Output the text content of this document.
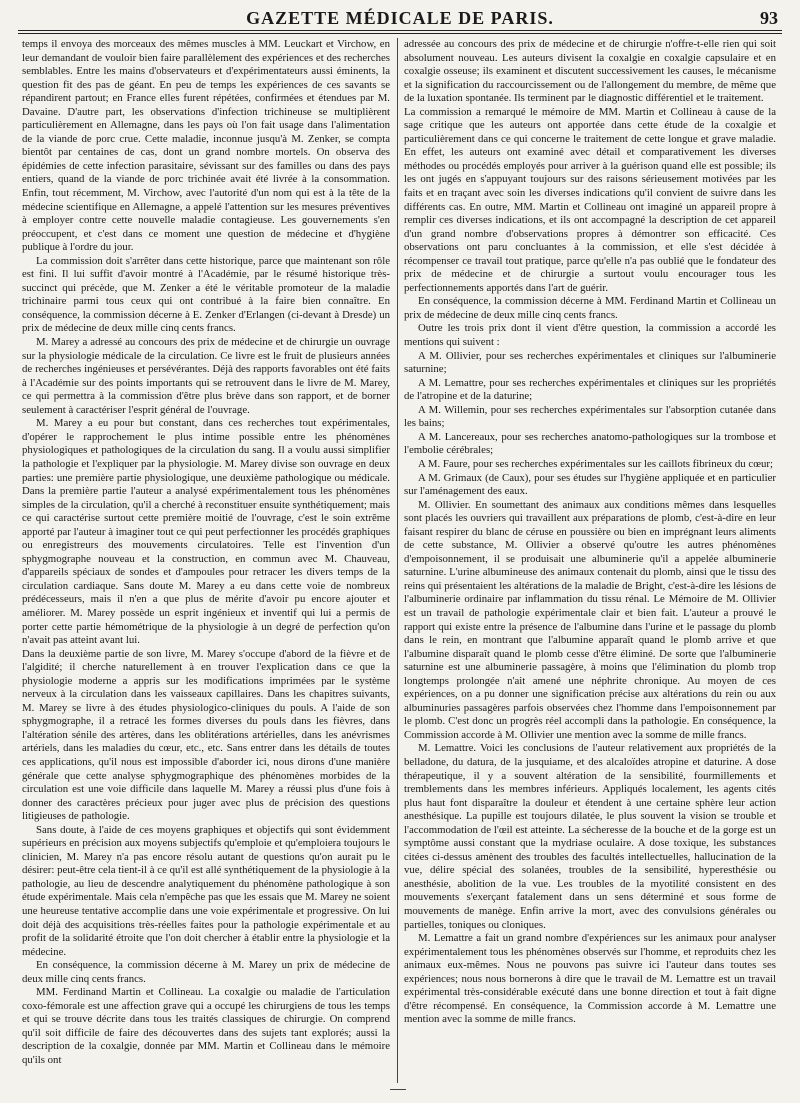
GAZETTE MÉDICALE DE PARIS.	93

temps il envoya des morceaux des mêmes muscles à MM. Leuckart et Virchow, en leur demandant de vouloir bien faire parallèlement des expériences et des recherches semblables. Entre les mains d'observateurs et d'expérimentateurs aussi éminents, la question fit des pas de géant. En peu de temps les expériences de ces savants se répandirent partout; en France elles furent répétées, confirmées et étendues par M. Davaine. D'autre part, les observations d'infection trichineuse se multiplièrent particulièrement en Allemagne, dans les pays où l'on fait usage dans l'alimentation de la viande de porc crue. Cette maladie, inconnue jusqu'à M. Zenker, se compta bientôt par centaines de cas, dont un grand nombre mortels. On observa des épidémies de cette infection parasitaire, sévissant sur des familles ou dans des pays entiers, quand de la viande de porc trichinée avait été livrée à la consommation. Enfin, tout récemment, M. Virchow, avec l'autorité d'un nom qui est à la tête de la médecine scientifique en Allemagne, a appelé l'attention sur les mesures préventives à employer contre cette nouvelle maladie contagieuse. Les gouvernements s'en préoccupent, et c'est dans ce moment une question de médecine et d'hygiène publique à l'ordre du jour.

La commission doit s'arrêter dans cette historique, parce que maintenant son rôle est fini. Il lui suffit d'avoir montré à l'Académie, par le résumé historique très-succinct qui précède, que M. Zenker a été le véritable promoteur de la maladie trichinaire parmi tous ceux qui ont contribué à la faire bien connaître. En conséquence, la commission décerne à E. Zenker d'Erlangen (ci-devant à Dresde) un prix de médecine de deux mille cinq cents francs.

M. Marey a adressé au concours des prix de médecine et de chirurgie un ouvrage sur la physiologie médicale de la circulation. Ce livre est le fruit de plusieurs années de recherches ingénieuses et persévérantes. Déjà des rapports favorables ont été faits à l'Académie sur des points importants qui se retrouvent dans le livre de M. Marey, ce qui permettra à la commission d'être plus brève dans son rapport, et de borner seulement à caractériser l'esprit général de l'ouvrage.

M. Marey a eu pour but constant, dans ces recherches tout expérimentales, d'opérer le rapprochement le plus intime possible entre les phénomènes physiologiques et pathologiques de la circulation du sang. Il a voulu aussi simplifier la pathologie et l'expliquer par la physiologie. M. Marey divise son ouvrage en deux parties: une première partie physiologique, une deuxième pathologique ou médicale. Dans la première partie l'auteur a analysé expérimentalement tous les phénomènes simples de la circulation, qu'il a cherché à reconstituer ensuite synthétiquement; mais ce qui caractérise surtout cette première moitié de l'ouvrage, c'est le soin extrême apporté par l'auteur à imaginer tout ce qui peut perfectionner les procédés graphiques ou enregistreurs des mouvements circulatoires. Telle est l'invention d'un sphygmographe nouveau et la construction, en commun avec M. Chauveau, d'appareils spéciaux de sondes et d'ampoules pour retracer les divers temps de la circulation cardiaque. Sans doute M. Marey a eu dans cette voie de nombreux prédécesseurs, mais il n'en a que plus de mérite d'avoir pu encore ajouter et améliorer. M. Marey possède un esprit ingénieux et inventif qui lui a permis de porter cette partie hémométrique de la physiologie à un degré de perfection qu'on n'avait pas atteint avant lui.

Dans la deuxième partie de son livre, M. Marey s'occupe d'abord de la fièvre et de l'algidité; il cherche naturellement à en trouver l'explication dans ce que la physiologie moderne a appris sur les modifications imprimées par le système nerveux à la circulation dans les vaisseaux capillaires. Dans les chapitres suivants, M. Marey se livre à des études physiologico-cliniques du pouls. A l'aide de son sphygmographe, il a retracé les formes diverses du pouls dans les fièvres, dans l'altération sénile des artères, dans les oblitérations artérielles, dans les anévrismes artériels, dans les maladies du cœur, etc., etc. Sans entrer dans les détails de toutes ces applications, qu'il nous est impossible d'aborder ici, nous dirons d'une manière générale que cette analyse sphygmographique des phénomènes morbides de la circulation est une voie difficile dans laquelle M. Marey a réussi plus d'une fois à donner des caractères précieux pour juger avec plus de précision des questions litigieuses de pathologie.

Sans doute, à l'aide de ces moyens graphiques et objectifs qui sont évidemment supérieurs en précision aux moyens subjectifs qu'emploie et qu'emploiera toujours le clinicien, M. Marey n'a pas encore résolu autant de questions qu'on aurait pu le désirer: peut-être cela tient-il à ce qu'il est allé synthétiquement de la physiologie à la pathologie, au lieu de descendre analytiquement du phénomène pathologique à son étude expérimentale. Mais cela n'empêche pas que les essais que M. Marey ne soient une heureuse tentative accomplie dans une voie expérimentale et progressive. On lui doit déjà des acquisitions très-réelles faites pour la pathologie expérimentale et au profit de la solidarité étroite que l'on doit chercher à établir entre la physiologie et la médecine.

En conséquence, la commission décerne à M. Marey un prix de médecine de deux mille cinq cents francs.

MM. Ferdinand Martin et Collineau. La coxalgie ou maladie de l'articulation coxo-fémorale est une affection grave qui a occupé les chirurgiens de tous les temps et qui se trouve décrite dans tous les traités classiques de chirurgie. On comprend qu'il soit difficile de faire des découvertes dans des sujets tant explorés; aussi la description de la coxalgie, donnée par MM. Martin et Collineau dans le mémoire qu'ils ont

adressée au concours des prix de médecine et de chirurgie n'offre-t-elle rien qui soit absolument nouveau. Les auteurs divisent la coxalgie en coxalgie capsulaire et en coxalgie osseuse; ils examinent et discutent successivement les causes, le mécanisme et la signification du raccourcissement ou de l'allongement du membre, de même que de la luxation spontanée. Ils terminent par le diagnostic différentiel et le traitement.

La commission a remarqué le mémoire de MM. Martin et Collineau à cause de la sage critique que les auteurs ont apportée dans cette étude de la coxalgie et particulièrement dans ce qui concerne le traitement de cette longue et grave maladie. En effet, les auteurs ont examiné avec détail et comparativement les diverses méthodes ou procédés employés pour arriver à la guérison quand elle est possible; ils les ont jugés en s'appuyant toujours sur des raisons sérieusement motivées par les faits et en traçant avec soin les diverses indications qu'il convient de suivre dans les différents cas. En outre, MM. Martin et Collineau ont imaginé un appareil propre à remplir ces diverses indications, et ils ont accompagné la description de cet appareil d'un grand nombre d'observations propres à démontrer son efficacité. Ces observations ont paru concluantes à la commission, et elle s'est décidée à récompenser ce travail tout pratique, parce qu'elle n'a pas oublié que le fondateur des prix de médecine et de chirurgie a surtout voulu encourager tous les perfectionnements apportés dans l'art de guérir.

En conséquence, la commission décerne à MM. Ferdinand Martin et Collineau un prix de médecine de deux mille cinq cents francs.

Outre les trois prix dont il vient d'être question, la commission a accordé les mentions qui suivent :

A M. Ollivier, pour ses recherches expérimentales et cliniques sur l'albuminerie saturnine;

A M. Lemattre, pour ses recherches expérimentales et cliniques sur les propriétés de l'atropine et de la daturine;

A M. Willemin, pour ses recherches expérimentales sur l'absorption cutanée dans les bains;

A M. Lancereaux, pour ses recherches anatomo-pathologiques sur la trombose et l'embolie cérébrales;

A M. Faure, pour ses recherches expérimentales sur les caillots fibrineux du cœur;

A M. Grimaux (de Caux), pour ses études sur l'hygiène appliquée et en particulier sur l'aménagement des eaux.

M. Ollivier. En soumettant des animaux aux conditions mêmes dans lesquelles sont placés les ouvriers qui travaillent aux préparations de plomb, c'est-à-dire en leur faisant respirer du blanc de céruse en poussière ou bien en imprégnant leurs aliments de cette substance, M. Ollivier a observé qu'outre les autres phénomènes d'empoisonnement, il se produisait une albuminerie qu'il a appelée albuminerie saturnine. L'urine albumineuse des animaux contenait du plomb, ainsi que le tissu des reins qui présentaient les altérations de la maladie de Bright, c'est-à-dire les lésions de l'albuminerie ordinaire par inflammation du tissu rénal. Le Mémoire de M. Ollivier est un travail de pathologie expérimentale clair et bien fait. L'auteur a prouvé le rapport qui existe entre la présence de l'albumine dans l'urine et le passage du plomb dans le rein, en montrant que l'albumine apparaît quand le plomb arrive et que l'albumine disparaît quand le plomb cesse d'être éliminé. De sorte que l'albuminerie saturnine est une albuminerie passagère, à moins que l'élimination du plomb trop longtemps prolongée n'ait amené une néphrite chronique. Au moyen de ces expériences, on a pu donner une signification précise aux altérations du rein ou aux albuminuries passagères parfois observées chez l'homme dans l'empoisonnement par le plomb. C'est donc un progrès réel accompli dans la pathologie. En conséquence, la Commission accorde à M. Ollivier une mention avec la somme de mille francs.

M. Lemattre. Voici les conclusions de l'auteur relativement aux propriétés de la belladone, du datura, de la jusquiame, et des alcaloïdes atropine et daturine. A dose thérapeutique, il y a souvent altération de la sensibilité, fourmillements et tremblements dans les membres inférieurs. Appliqués localement, les agents cités plus haut font disparaître la douleur et étendent à une certaine sphère leur action anesthésique. La pupille est toujours dilatée, le plus souvent la vision se trouble et l'accommodation de l'œil est atteinte. La sécheresse de la bouche et de la gorge est un symptôme aussi constant que la mydriase oculaire. A dose toxique, les substances citées ci-dessus amènent des troubles des facultés intellectuelles, hallucination de la vue, délire spécial des solanées, troubles de la sensibilité, hyperesthésie ou anesthésie, abolition de la vue. Les troubles de la myotilité consistent en des mouvements s'exerçant fatalement dans un sens déterminé et sous forme de mouvements de manège. Enfin arrive la mort, avec des convulsions générales ou partielles, toniques ou cloniques.

M. Lemattre a fait un grand nombre d'expériences sur les animaux pour analyser expérimentalement tous les phénomènes observés sur l'homme, et reproduits chez les animaux eux-mêmes. Nous ne pouvons pas suivre ici l'auteur dans toutes ses expériences; nous nous bornerons à dire que le travail de M. Lemattre est un travail expérimental très-considérable exécuté dans une bonne direction et tout à fait digne d'être récompensé. En conséquence, la Commission accorde à M. Lemattre une mention avec la somme de mille francs.
